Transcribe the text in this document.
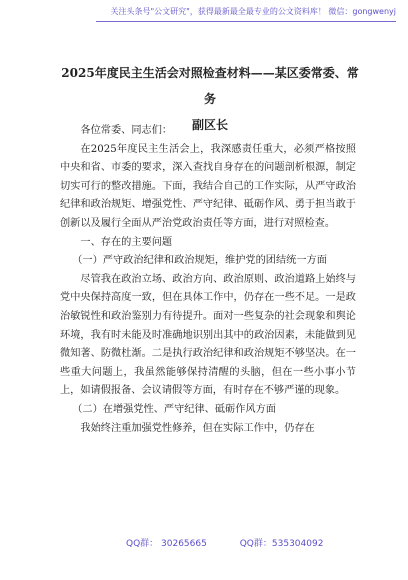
关注头条号"公文研究"，获得最新最全最专业的公文资料库！ 微信：gongwenyj
2025年度民主生活会对照检查材料——某区委常委、常务
副区长

各位常委、同志们：

在2025年度民主生活会上，我深感责任重大，必须严格按照中央和省、市委的要求，深入查找自身存在的问题剖析根源，制定切实可行的整改措施。下面，我结合自己的工作实际，从严守政治纪律和政治规矩、增强党性、严守纪律、砥砺作风、勇于担当敢于创新以及履行全面从严治党政治责任等方面，进行对照检查。

一、存在的主要问题

（一）严守政治纪律和政治规矩，维护党的团结统一方面

尽管我在政治立场、政治方向、政治原则、政治道路上始终与党中央保持高度一致，但在具体工作中，仍存在一些不足。一是政治敏锐性和政治鉴别力有待提升。面对一些复杂的社会现象和舆论环境，我有时未能及时准确地识别出其中的政治因素，未能做到见微知著、防微杜渐。二是执行政治纪律和政治规矩不够坚决。在一些重大问题上，我虽然能够保持清醒的头脑，但在一些小事小节上，如请假报备、会议请假等方面，有时存在不够严谨的现象。

（二）在增强党性、严守纪律、砥砺作风方面

我始终注重加强党性修养，但在实际工作中，仍存在

QQ群： 30265665	QQ群：535304092
